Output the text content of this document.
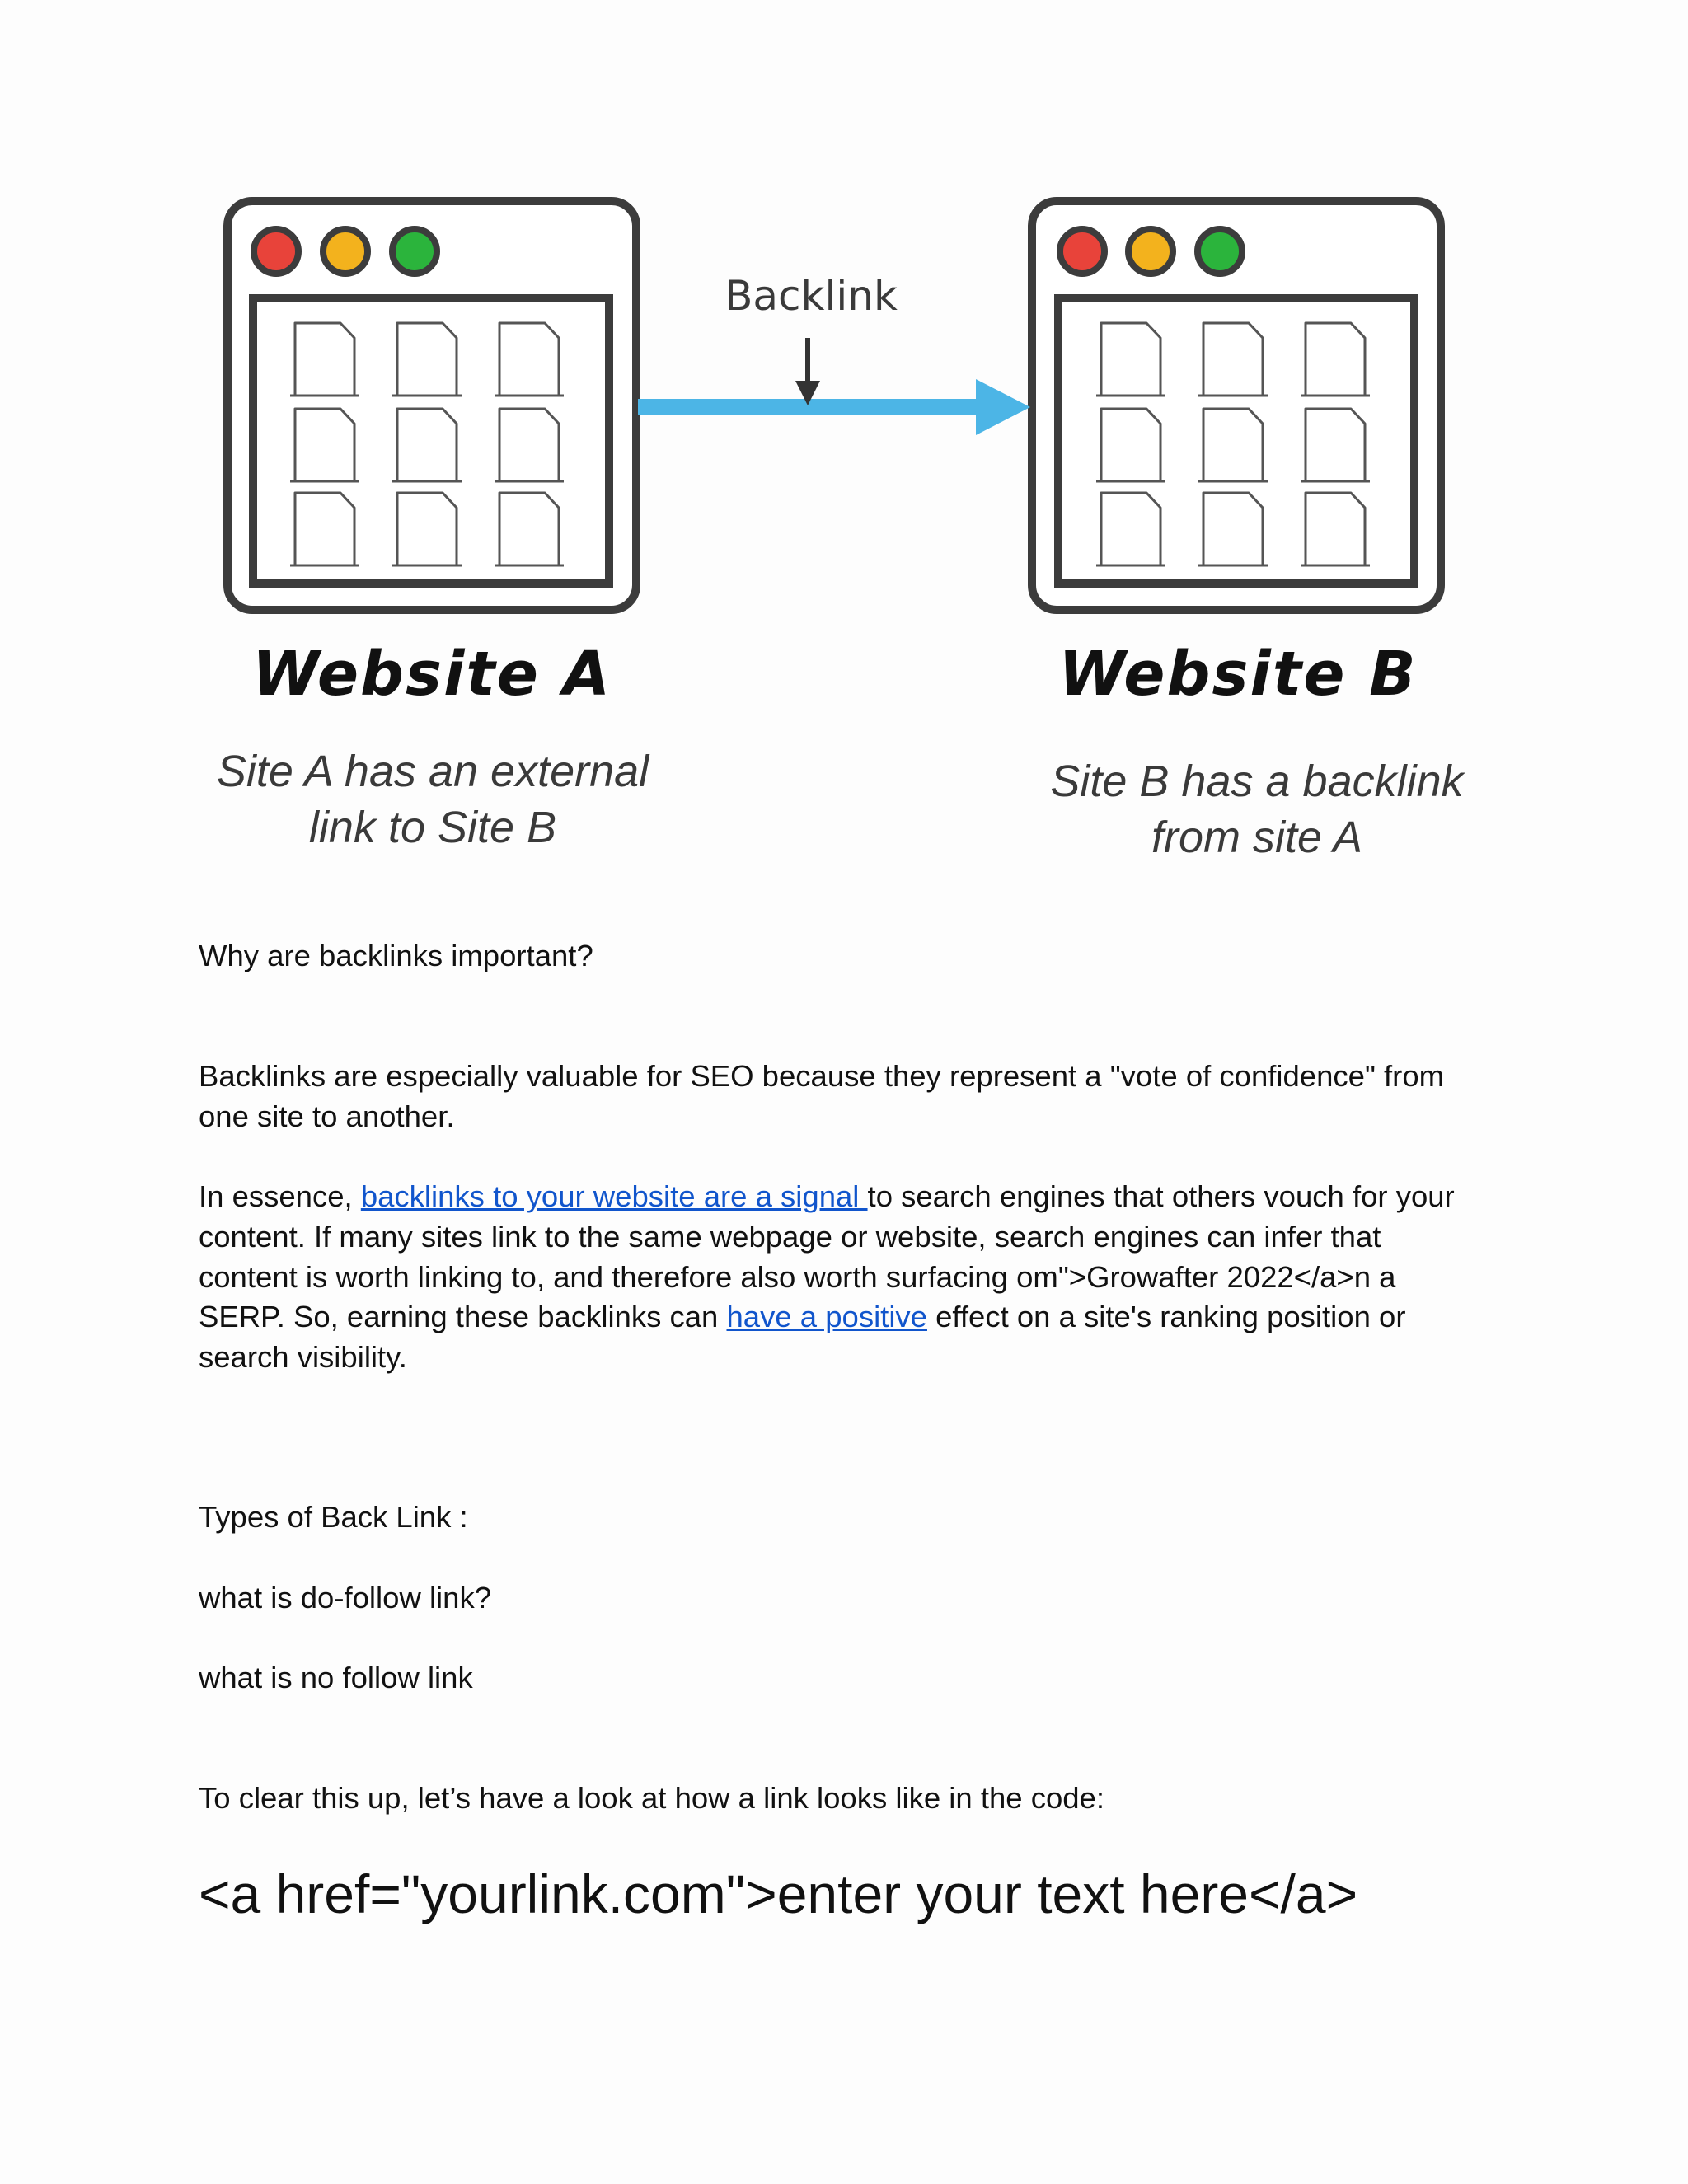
Backlink
Website A
Site A has an external
link to Site B
Website B
Site B has a backlink
from site A

Why are backlinks important?

Backlinks are especially valuable for SEO because they represent a "vote of confidence" from one site to another.

In essence, backlinks to your website are a signal to search engines that others vouch for your content. If many sites link to the same webpage or website, search engines can infer that content is worth linking to, and therefore also worth surfacing om">Growafter 2022</a>n a SERP. So, earning these backlinks can have a positive effect on a site's ranking position or search visibility.

Types of Back Link :

what is do-follow link?

what is no follow link

To clear this up, let’s have a look at how a link looks like in the code:

<a href="yourlink.com">enter your text here</a>
